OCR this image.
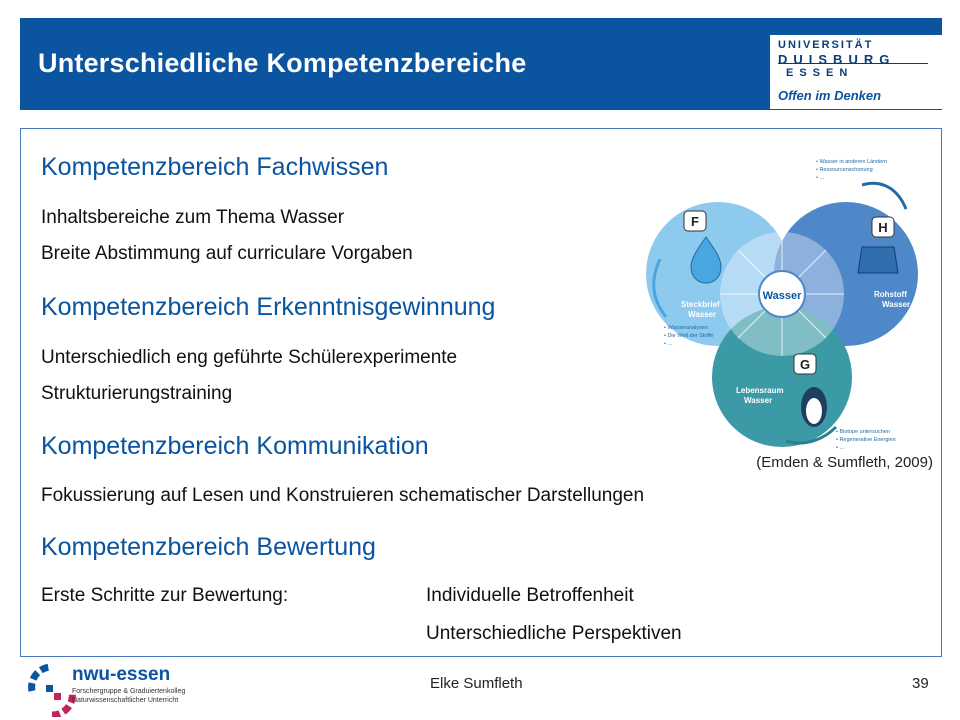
Unterschiedliche Kompetenzbereiche
UNIVERSITÄT
DUISBURG
ESSEN
Offen im Denken
Kompetenzbereich Fachwissen
Inhaltsbereiche zum Thema Wasser
Breite Abstimmung auf curriculare Vorgaben
Kompetenzbereich Erkenntnisgewinnung
Unterschiedlich eng geführte Schülerexperimente
Strukturierungstraining
Kompetenzbereich Kommunikation
Fokussierung auf Lesen und Konstruieren schematischer Darstellungen
Kompetenzbereich Bewertung
Erste Schritte zur Bewertung:	Individuelle Betroffenheit
Unterschiedliche Perspektiven
Wasser
F
Steckbrief
Wasser
H
Rohstoff
Wasser
G
Lebensraum
Wasser
• Wasser in anderen Ländern
• Ressourcenschonung
• ...
• Wasseranalysen
• Die Welt der Stoffe
• ...
• Biotope untersuchen
• Regenerative Energien
• ...
(Emden & Sumfleth, 2009)
nwu-essen
Forschergruppe & Graduiertenkolleg
Naturwissenschaftlicher Unterricht
Elke Sumfleth	39
